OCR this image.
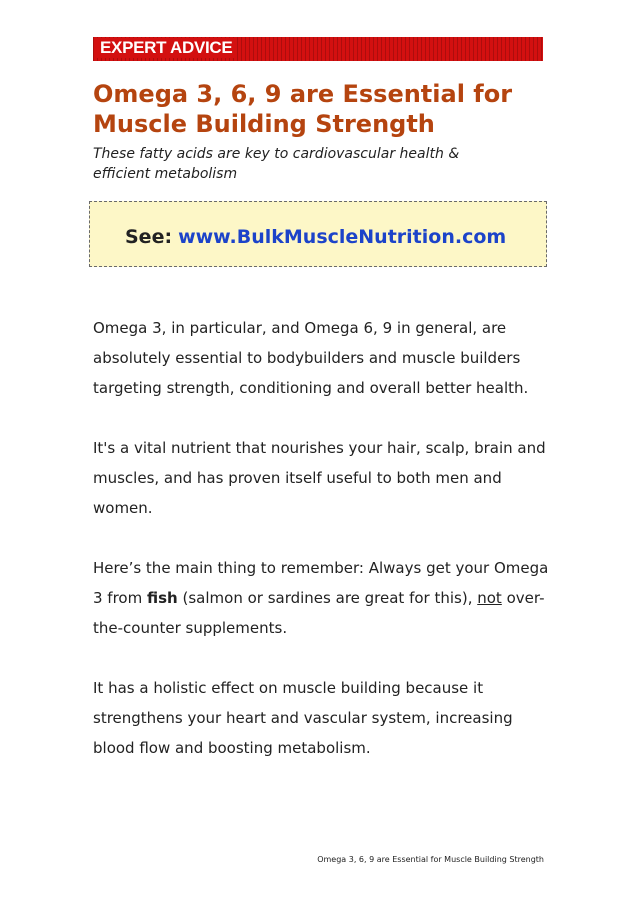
EXPERT ADVICE
Omega 3, 6, 9 are Essential for
Muscle Building Strength
These fatty acids are key to cardiovascular health &
efficient metabolism
See: www.BulkMuscleNutrition.com

Omega 3, in particular, and Omega 6, 9 in general, are absolutely essential to bodybuilders and muscle builders targeting strength, conditioning and overall better health.

It's a vital nutrient that nourishes your hair, scalp, brain and muscles, and has proven itself useful to both men and women.

Here’s the main thing to remember: Always get your Omega 3 from fish (salmon or sardines are great for this), not over-the-counter supplements.

It has a holistic effect on muscle building because it strengthens your heart and vascular system, increasing blood flow and boosting metabolism.

Omega 3, 6, 9 are Essential for Muscle Building Strength
